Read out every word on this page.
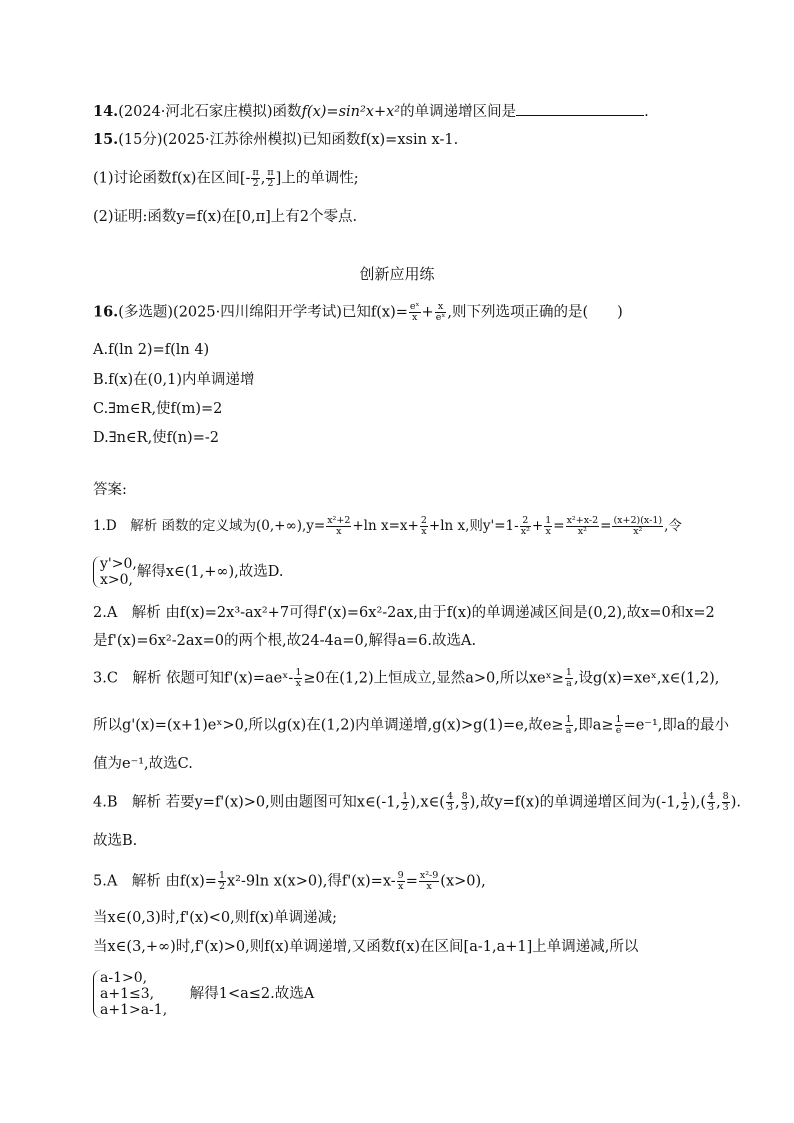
14.(2024·河北石家庄模拟)函数f(x)=sin²x+x²的单调递增区间是	.
15.(15分)(2025·江苏徐州模拟)已知函数f(x)=xsin x-1.
(1)讨论函数f(x)在区间[- $\frac{\pi}{2}$ , $\frac{\pi}{2}$ ]上的单调性;
(2)证明:函数y=f(x)在[0,π]上有2个零点.
创新应用练
16.(多选题)(2025·四川绵阳开学考试)已知$f(x)= \frac{\text{eˣ}}{x} + \frac{x}{\text{eˣ}}$ ,则下列选项正确的是(　　)
A.f(ln 2)=f(ln 4)
B.f(x)在(0,1)内单调递增
C.∃m∈R,使f(m)=2
D.∃n∈R,使f(n)=-2
答案:
1.D　解析 函数的定义域为$(0,+\infty),y= \frac{\text{x²+2}}{x} +\ln$ $x=x+ \frac{2}{x} +\ln$ x,则$y'=1- \frac{2}{\text{x²}} + \frac{1}{x} = \frac{\text{x²+x-2}}{\text{x²}} = \frac{(x+2)(x-1)}{\text{x²}}$ ,令
y'>0,
x>0, 解得x∈(1,+∞),故选D.
2.A　解析 由f(x)=2x³-ax²+7可得f'(x)=6x²-2ax,由于f(x)的单调递减区间是(0,2),故x=0和x=2
是f'(x)=6x²-2ax=0的两个根,故24-4a=0,解得a=6.故选A.
3.C　解析 依题可知f'(x)=aeˣ- $\frac{1}{x} \ge 0$在(1,2)上恒成立,显然a>0,所以xeˣ≥ $\frac{1}{a}$ ,设g(x)=xeˣ,x∈(1,2),
所以g'(x)=(x+1)eˣ>0,所以g(x)在(1,2)内单调递增,g(x)>g(1)=e,故$e\ge \frac{1}{a}$ ,即$a\ge \frac{1}{e} =e^{-1}$,即a的最小
值为e⁻¹,故选C.
4.B　解析 若要y=f'(x)>0,则由题图可知x∈(-1, $\frac{1}{2}$ ),x∈( $\frac{4}{3}$ , $\frac{8}{3}$ ),故y=f(x)的单调递增区间为(-1, $\frac{1}{2}$ ),( $\frac{4}{3}$ , $\frac{8}{3}$ ).
故选B.
5.A　解析 由$f(x)= \frac{1}{2} x^2-9\ln$ x(x>0),得$f'(x)=x- \frac{9}{x} = \frac{\text{x²-9}}{x} (x>0)$,
当x∈(0,3)时,f'(x)<0,则f(x)单调递减;
当x∈(3,+∞)时,f'(x)>0,则f(x)单调递增,又函数f(x)在区间[a-1,a+1]上单调递减,所以
a-1>0,
a+1≤3,
a+1>a-1,
解得1<a≤2.故选A
